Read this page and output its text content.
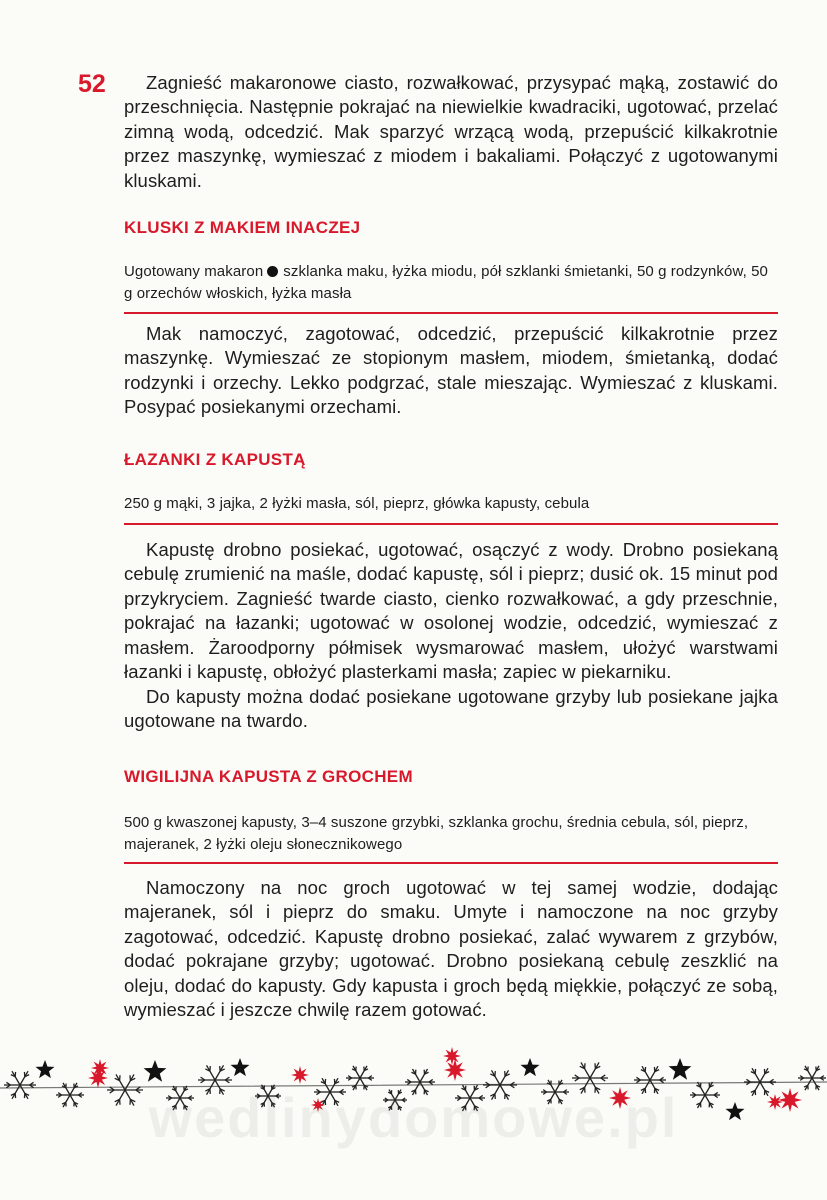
52	Zagnieść makaronowe ciasto, rozwałkować, przysypać mąką, zostawić do przeschnięcia. Następnie pokrajać na niewielkie kwadraciki, ugotować, przelać zimną wodą, odcedzić. Mak sparzyć wrzącą wodą, przepuścić kilkakrotnie przez maszynkę, wymieszać z miodem i bakaliami. Połączyć z ugotowanymi kluskami.

KLUSKI Z MAKIEM INACZEJ

Ugotowany makaron szklanka maku, łyżka miodu, pół szklanki śmietanki, 50 g rodzynków, 50 g orzechów włoskich, łyżka masła

Mak namoczyć, zagotować, odcedzić, przepuścić kilkakrotnie przez maszynkę. Wymieszać ze stopionym masłem, miodem, śmietanką, dodać rodzynki i orzechy. Lekko podgrzać, stale mieszając. Wymieszać z kluskami. Posypać posiekanymi orzechami.

ŁAZANKI Z KAPUSTĄ

250 g mąki, 3 jajka, 2 łyżki masła, sól, pieprz, główka kapusty, cebula

Kapustę drobno posiekać, ugotować, osączyć z wody. Drobno posiekaną cebulę zrumienić na maśle, dodać kapustę, sól i pieprz; dusić ok. 15 minut pod przykryciem. Zagnieść twarde ciasto, cienko rozwałkować, a gdy przeschnie, pokrajać na łazanki; ugotować w osolonej wodzie, odcedzić, wymieszać z masłem. Żaroodporny półmisek wysmarować masłem, ułożyć warstwami łazanki i kapustę, obłożyć plasterkami masła; zapiec w piekarniku.

Do kapusty można dodać posiekane ugotowane grzyby lub posiekane jajka ugotowane na twardo.

WIGILIJNA KAPUSTA Z GROCHEM

500 g kwaszonej kapusty, 3–4 suszone grzybki, szklanka grochu, średnia cebula, sól, pieprz, majeranek, 2 łyżki oleju słonecznikowego

Namoczony na noc groch ugotować w tej samej wodzie, dodając majeranek, sól i pieprz do smaku. Umyte i namoczone na noc grzyby zagotować, odcedzić. Kapustę drobno posiekać, zalać wywarem z grzybów, dodać pokrajane grzyby; ugotować. Drobno posiekaną cebulę zeszklić na oleju, dodać do kapusty. Gdy kapusta i groch będą miękkie, połączyć ze sobą, wymieszać i jeszcze chwilę razem gotować.

wedlinydomowe.pl
